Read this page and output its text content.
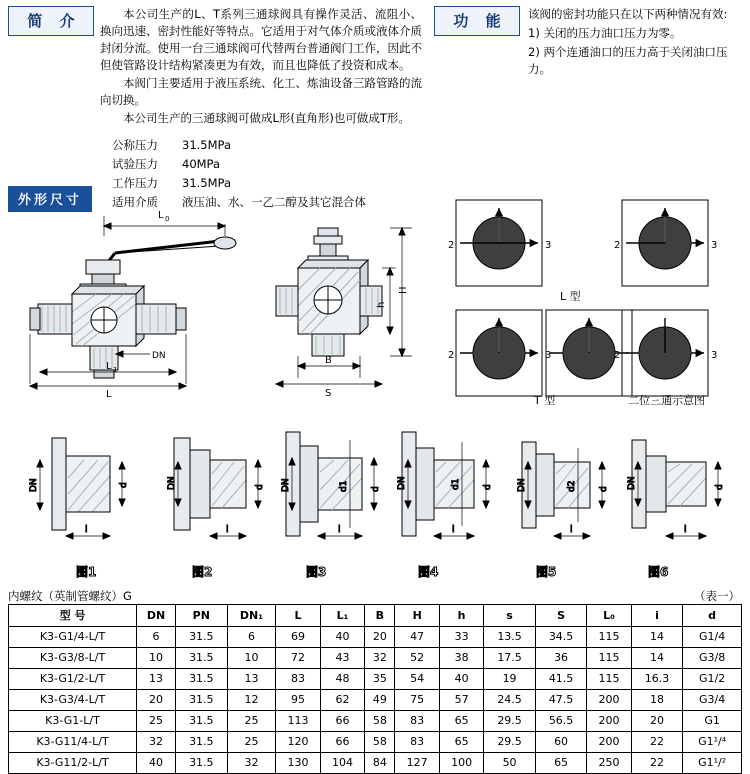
简 介	功 能

本公司生产的L、T系列三通球阀具有操作灵活、流阻小、换向迅速、密封性能好等特点。它适用于对气体介质或液体介质封闭分流。使用一台三通球阀可代替两台普通阀门工作，因此不但使管路设计结构紧凑更为有效，而且也降低了投资和成本。

本阀门主要适用于液压系统、化工、炼油设备三路管路的流向切换。

本公司生产的三通球阀可做成L形(直角形)也可做成T形。

公称压力 31.5MPa
试验压力 40MPa
工作压力 31.5MPa
适用介质 液压油、水、一乙二醇及其它混合体

该阀的密封功能只在以下两种情况有效:

1) 关闭的压力油口压力为零。

2) 两个连通油口的压力高于关闭油口压力。

外形尺寸
L 0
L 1
L
DN	B
S
H
h
2	3	2	3
L 型
2	3	2	3
T 型	二位三通示意图
DN	d
i
图1
DN	d
i
图2
DN	d1 d
i
图3
DN	d1 d
i
图4
DN	d2 d
i
图5
DN	d
i
图6
内螺纹（英制管螺纹）G	（表一）
型 号	DN	PN	DN₁	L	L₁	B	H	h	s	S	L₀	i	d
K3-G1/4-L/T	6	31.5	6	69	40	20	47	33	13.5	34.5	115	14	G1/4
K3-G3/8-L/T	10	31.5	10	72	43	32	52	38	17.5	36	115	14	G3/8
K3-G1/2-L/T	13	31.5	13	83	48	35	54	40	19	41.5	115	16.3	G1/2
K3-G3/4-L/T	20	31.5	12	95	62	49	75	57	24.5	47.5	200	18	G3/4
K3-G1-L/T	25	31.5	25	113	66	58	83	65	29.5	56.5	200	20	G1
K3-G11/4-L/T	32	31.5	25	120	66	58	83	65	29.5	60	200	22	G1¹/⁴
K3-G11/2-L/T	40	31.5	32	130	104	84	127	100	50	65	250	22	G1¹/²
